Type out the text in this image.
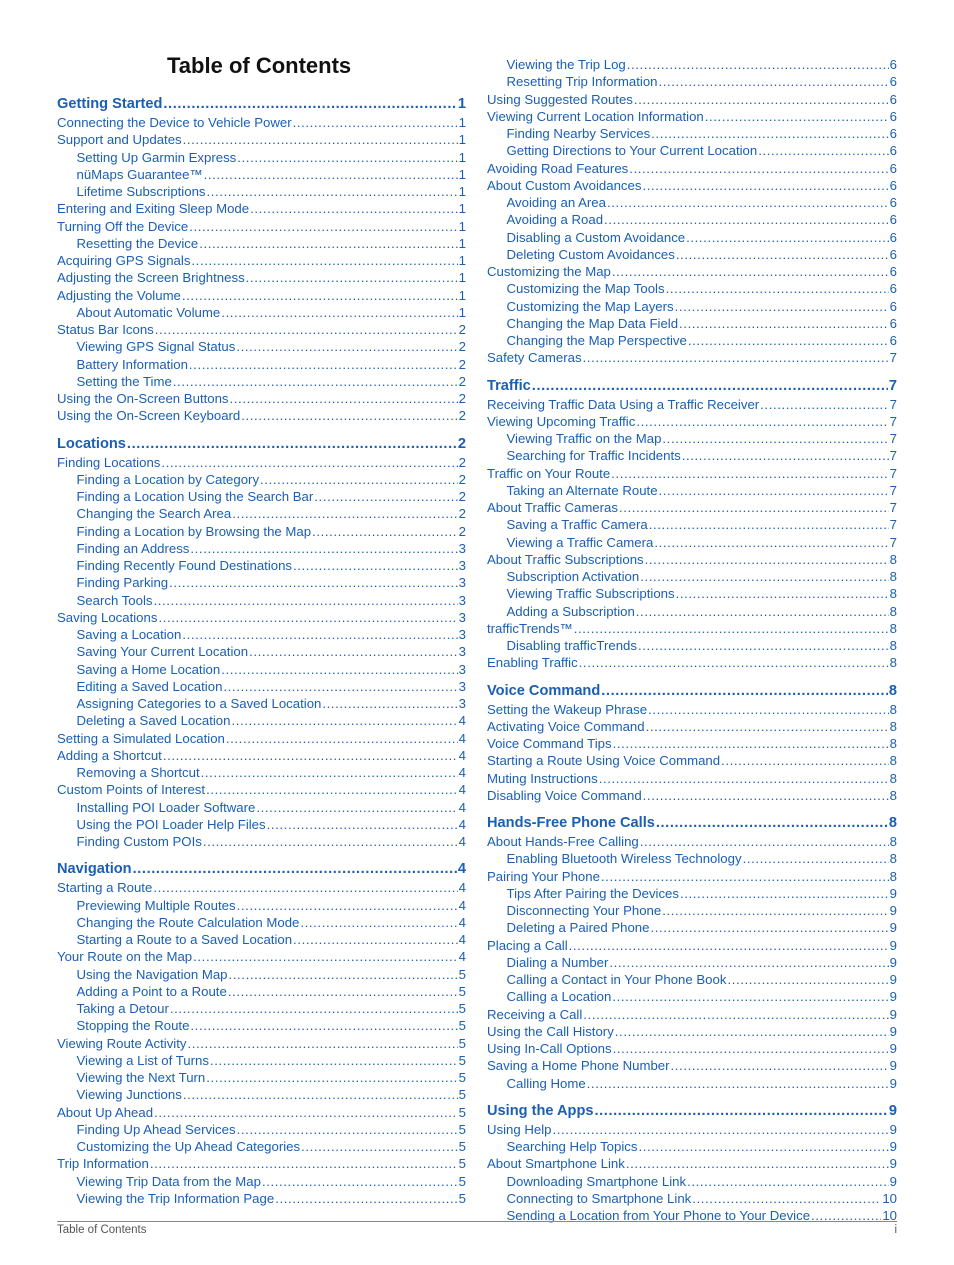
Table of Contents
Getting Started .....	1
Connecting the Device to Vehicle Power .....	1
Support and Updates .....	1
Setting Up Garmin Express .....	1
nüMaps Guarantee™ .....	1
Lifetime Subscriptions .....	1
Entering and Exiting Sleep Mode .....	1
Turning Off the Device .....	1
Resetting the Device .....	1
Acquiring GPS Signals .....	1
Adjusting the Screen Brightness .....	1
Adjusting the Volume .....	1
About Automatic Volume .....	1
Status Bar Icons .....	2
Viewing GPS Signal Status .....	2
Battery Information .....	2
Setting the Time .....	2
Using the On-Screen Buttons .....	2
Using the On-Screen Keyboard .....	2
Locations .....	2
Finding Locations .....	2
Finding a Location by Category .....	2
Finding a Location Using the Search Bar .....	2
Changing the Search Area .....	2
Finding a Location by Browsing the Map .....	2
Finding an Address .....	3
Finding Recently Found Destinations .....	3
Finding Parking .....	3
Search Tools .....	3
Saving Locations .....	3
Saving a Location .....	3
Saving Your Current Location .....	3
Saving a Home Location .....	3
Editing a Saved Location .....	3
Assigning Categories to a Saved Location .....	3
Deleting a Saved Location .....	4
Setting a Simulated Location .....	4
Adding a Shortcut .....	4
Removing a Shortcut .....	4
Custom Points of Interest .....	4
Installing POI Loader Software .....	4
Using the POI Loader Help Files .....	4
Finding Custom POIs .....	4
Navigation .....	4
Starting a Route .....	4
Previewing Multiple Routes .....	4
Changing the Route Calculation Mode .....	4
Starting a Route to a Saved Location .....	4
Your Route on the Map .....	4
Using the Navigation Map .....	5
Adding a Point to a Route .....	5
Taking a Detour .....	5
Stopping the Route .....	5
Viewing Route Activity .....	5
Viewing a List of Turns .....	5
Viewing the Next Turn .....	5
Viewing Junctions .....	5
About Up Ahead .....	5
Finding Up Ahead Services .....	5
Customizing the Up Ahead Categories .....	5
Trip Information .....	5
Viewing Trip Data from the Map .....	5
Viewing the Trip Information Page .....	5
Viewing the Trip Log .....	6
Resetting Trip Information .....	6
Using Suggested Routes .....	6
Viewing Current Location Information .....	6
Finding Nearby Services .....	6
Getting Directions to Your Current Location .....	6
Avoiding Road Features .....	6
About Custom Avoidances .....	6
Avoiding an Area .....	6
Avoiding a Road .....	6
Disabling a Custom Avoidance .....	6
Deleting Custom Avoidances .....	6
Customizing the Map .....	6
Customizing the Map Tools .....	6
Customizing the Map Layers .....	6
Changing the Map Data Field .....	6
Changing the Map Perspective .....	6
Safety Cameras .....	7
Traffic .....	7
Receiving Traffic Data Using a Traffic Receiver .....	7
Viewing Upcoming Traffic .....	7
Viewing Traffic on the Map .....	7
Searching for Traffic Incidents .....	7
Traffic on Your Route .....	7
Taking an Alternate Route .....	7
About Traffic Cameras .....	7
Saving a Traffic Camera .....	7
Viewing a Traffic Camera .....	7
About Traffic Subscriptions .....	8
Subscription Activation .....	8
Viewing Traffic Subscriptions .....	8
Adding a Subscription .....	8
trafficTrends™ .....	8
Disabling trafficTrends .....	8
Enabling Traffic .....	8
Voice Command .....	8
Setting the Wakeup Phrase .....	8
Activating Voice Command .....	8
Voice Command Tips .....	8
Starting a Route Using Voice Command .....	8
Muting Instructions .....	8
Disabling Voice Command .....	8
Hands-Free Phone Calls .....	8
About Hands-Free Calling .....	8
Enabling Bluetooth Wireless Technology .....	8
Pairing Your Phone .....	8
Tips After Pairing the Devices .....	9
Disconnecting Your Phone .....	9
Deleting a Paired Phone .....	9
Placing a Call .....	9
Dialing a Number .....	9
Calling a Contact in Your Phone Book .....	9
Calling a Location .....	9
Receiving a Call .....	9
Using the Call History .....	9
Using In-Call Options .....	9
Saving a Home Phone Number .....	9
Calling Home .....	9
Using the Apps .....	9
Using Help .....	9
Searching Help Topics .....	9
About Smartphone Link .....	9
Downloading Smartphone Link .....	9
Connecting to Smartphone Link .....	10
Sending a Location from Your Phone to Your Device .....	10
Table of Contents	i
